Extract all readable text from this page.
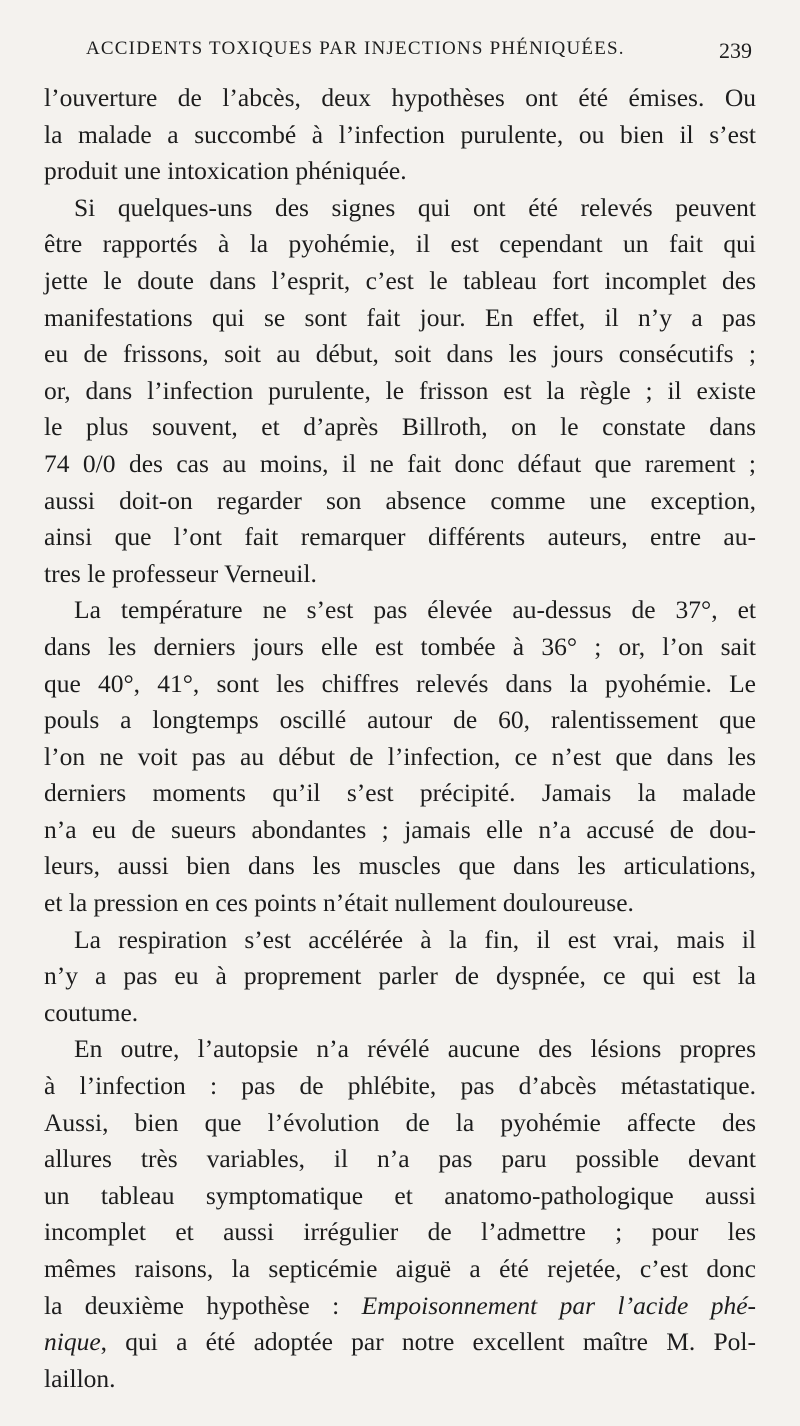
ACCIDENTS TOXIQUES PAR INJECTIONS PHÉNIQUÉES.	239
l’ouverture de l’abcès, deux hypothèses ont été émises. Ou
la malade a succombé à l’infection purulente, ou bien il s’est
produit une intoxication phéniquée.
Si quelques-uns des signes qui ont été relevés peuvent
être rapportés à la pyohémie, il est cependant un fait qui
jette le doute dans l’esprit, c’est le tableau fort incomplet des
manifestations qui se sont fait jour. En effet, il n’y a pas
eu de frissons, soit au début, soit dans les jours consécutifs ;
or, dans l’infection purulente, le frisson est la règle ; il existe
le plus souvent, et d’après Billroth, on le constate dans
74 0/0 des cas au moins, il ne fait donc défaut que rarement ;
aussi doit-on regarder son absence comme une exception,
ainsi que l’ont fait remarquer différents auteurs, entre au-
tres le professeur Verneuil.
La température ne s’est pas élevée au-dessus de 37°, et
dans les derniers jours elle est tombée à 36° ; or, l’on sait
que 40°, 41°, sont les chiffres relevés dans la pyohémie. Le
pouls a longtemps oscillé autour de 60, ralentissement que
l’on ne voit pas au début de l’infection, ce n’est que dans les
derniers moments qu’il s’est précipité. Jamais la malade
n’a eu de sueurs abondantes ; jamais elle n’a accusé de dou-
leurs, aussi bien dans les muscles que dans les articulations,
et la pression en ces points n’était nullement douloureuse.
La respiration s’est accélérée à la fin, il est vrai, mais il
n’y a pas eu à proprement parler de dyspnée, ce qui est la
coutume.
En outre, l’autopsie n’a révélé aucune des lésions propres
à l’infection : pas de phlébite, pas d’abcès métastatique.
Aussi, bien que l’évolution de la pyohémie affecte des
allures très variables, il n’a pas paru possible devant
un tableau symptomatique et anatomo-pathologique aussi
incomplet et aussi irrégulier de l’admettre ; pour les
mêmes raisons, la septicémie aiguë a été rejetée, c’est donc
la deuxième hypothèse : Empoisonnement par l’acide phé-
nique, qui a été adoptée par notre excellent maître M. Pol-
laillon.
